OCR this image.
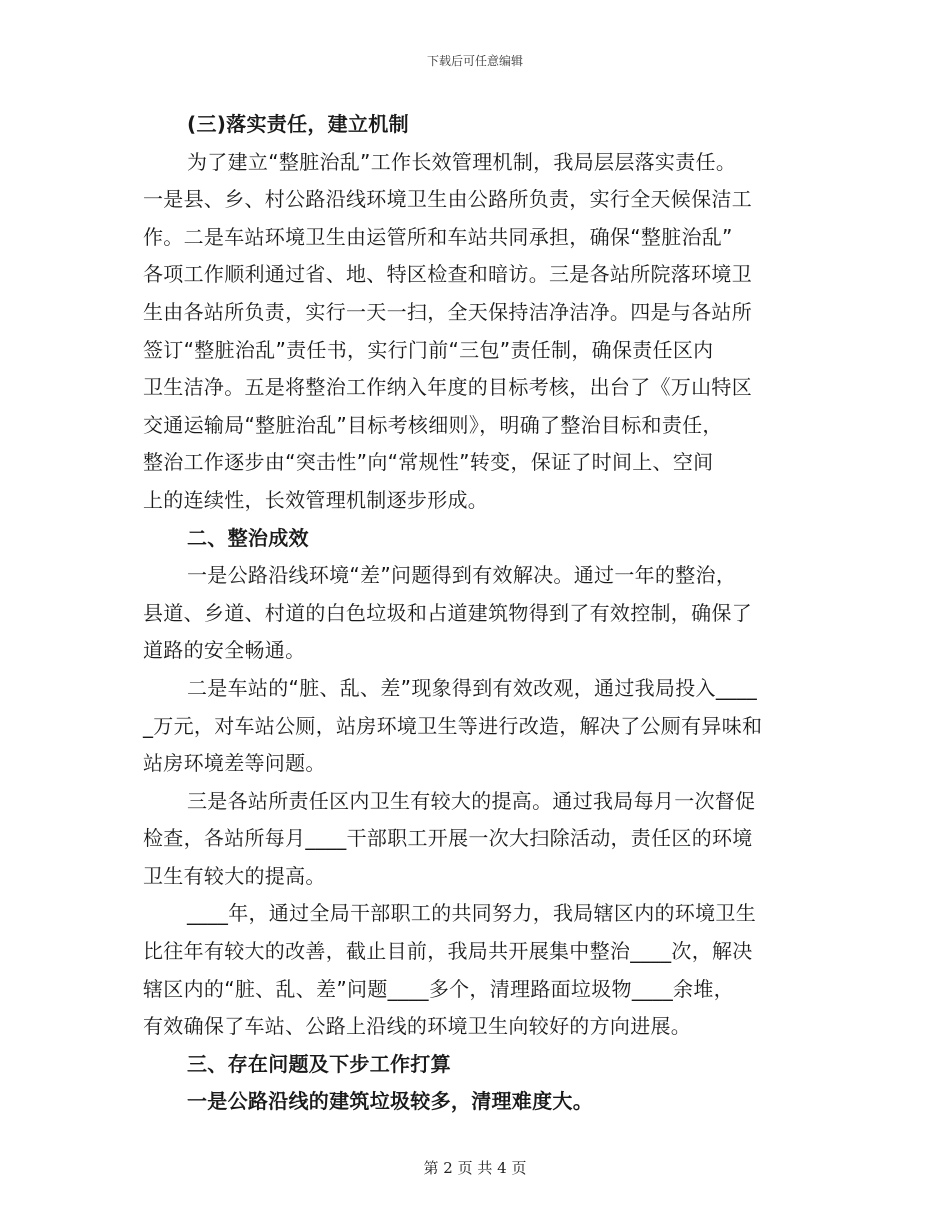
下载后可任意编辑
(三)落实责任，建立机制
为了建立“整脏治乱”工作长效管理机制，我局层层落实责任。
一是县、乡、村公路沿线环境卫生由公路所负责，实行全天候保洁工
作。二是车站环境卫生由运管所和车站共同承担，确保“整脏治乱”
各项工作顺利通过省、地、特区检查和暗访。三是各站所院落环境卫
生由各站所负责，实行一天一扫，全天保持洁净洁净。四是与各站所
签订“整脏治乱”责任书，实行门前“三包”责任制，确保责任区内
卫生洁净。五是将整治工作纳入年度的目标考核，出台了《万山特区
交通运输局“整脏治乱”目标考核细则》，明确了整治目标和责任，
整治工作逐步由“突击性”向“常规性”转变，保证了时间上、空间
上的连续性，长效管理机制逐步形成。
二、整治成效
一是公路沿线环境“差”问题得到有效解决。通过一年的整治，
县道、乡道、村道的白色垃圾和占道建筑物得到了有效控制，确保了
道路的安全畅通。
二是车站的“脏、乱、差”现象得到有效改观，通过我局投入____
_万元，对车站公厕，站房环境卫生等进行改造，解决了公厕有异味和
站房环境差等问题。
三是各站所责任区内卫生有较大的提高。通过我局每月一次督促
检查，各站所每月____干部职工开展一次大扫除活动，责任区的环境
卫生有较大的提高。
____年，通过全局干部职工的共同努力，我局辖区内的环境卫生
比往年有较大的改善，截止目前，我局共开展集中整治____次，解决
辖区内的“脏、乱、差”问题____多个，清理路面垃圾物____余堆，
有效确保了车站、公路上沿线的环境卫生向较好的方向进展。
三、存在问题及下步工作打算
一是公路沿线的建筑垃圾较多，清理难度大。
第 2 页 共 4 页
